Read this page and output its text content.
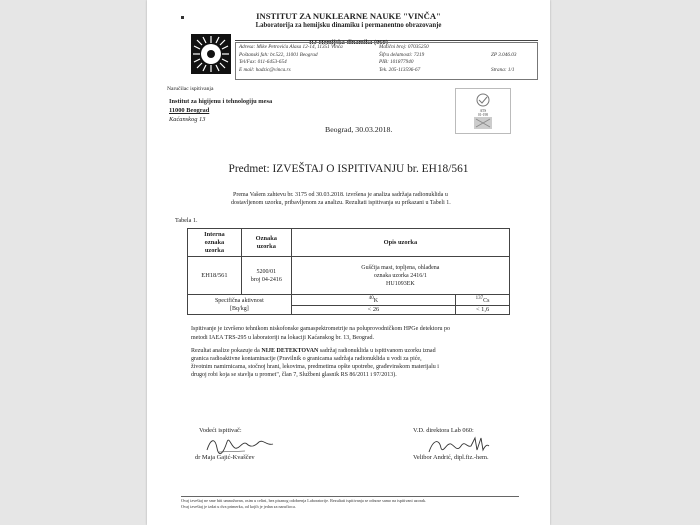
INSTITUT ZA NUKLEARNE NAUKE "VINČA"
Laboratorija za hemijsku dinamiku i permanentno obrazovanje
RJ Hemijska dinamika (060)
Adresa: Mike Petrovića Alasa 12-14, 11351 Vinča
Poštanski fah: br.522, 11001 Beograd
Tel/Fax: 011-6453-654
E mail: hadzic@vinca.rs
Matični broj: 07035250
Šifra delatnosti: 7219
PIB: 101877940
Tek. 205-113596-67

ZP 3.046.03

Strana: 1/1
Naručilac ispitivanja
Institut za higijenu i tehnologiju mesa
11000 Beograd
Kaćanskog 13
ATS
01-198
Beograd, 30.03.2018.
Predmet: IZVEŠTAJ O ISPITIVANJU br. EH18/561
Prema Vašem zahtevu br. 3175 od 30.03.2018. izvršena je analiza sadržaja radionuklida u
dostavljenom uzorku, pribavljenom za analizu. Rezultati ispitivanja su prikazani u Tabeli 1.
Tabela 1.
Interna
oznaka
uzorka	Oznaka
uzorka	Opis uzorka
EH18/561	5200/01
broj 04-2416	Guščija mast, topljena, ohlađena
oznaka uzorka 2416/1
HU1093EK
Specifična aktivnost
[Bq/kg]	$^{40}$K	$^{137}$Cs
< 26	< 1,6
Ispitivanje je izvršeno tehnikom niskofonske gamaspektrometrije na poluprovodničkom HPGe detektoru po
metodi IAEA TRS-295 u laboratoriji na lokaciji Kaćanskog br. 13, Beograd.
Rezultat analize pokazuje da NIJE DETEKTOVAN sadržaj radionuklida u ispitivanom uzorku iznad
granica radioaktivne kontaminacije (Pravilnik o granicama sadržaja radionuklida u vodi za piće,
životnim namirnicama, stočnoj hrani, lekovima, predmetima opšte upotrebe, građevinskom materijalu i
drugoj robi koja se stavlja u promet", član 7, Službeni glasnik RS 86/2011 i 97/2013).
Vodeći ispitivač:	V.D. direktora Lab 060:
dr Maja Gajić-Kvaščev	Velibor Andrić, dipl.fiz.-hem.
Ovaj izveštaj ne sme biti umnožavan, osim u celini, bez pisanog odobrenja Laboratorije. Rezultati ispitivanja se odnose samo na ispitivani uzorak.
Ovaj izveštaj je izdat u dva primerka, od kojih je jedan za naručioca.
